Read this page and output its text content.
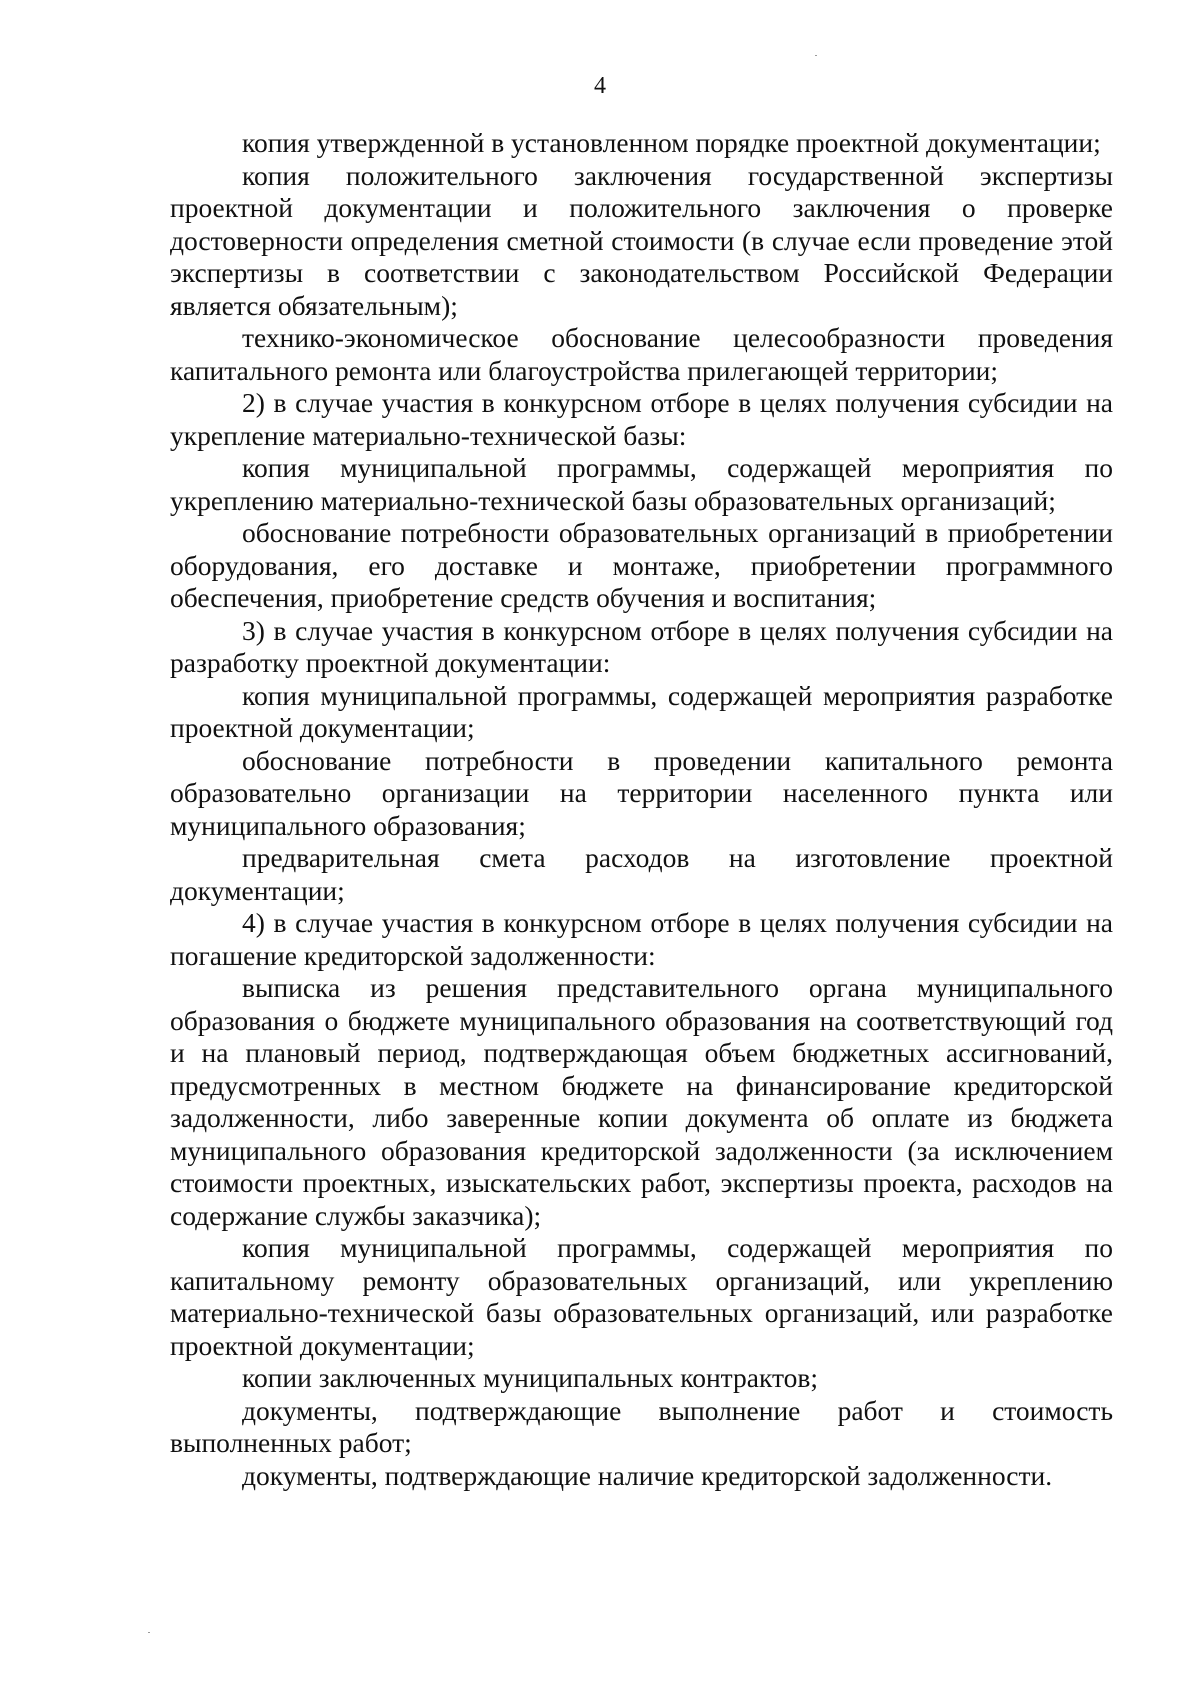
4

копия утвержденной в установленном порядке проектной документации;

копия положительного заключения государственной экспертизы проектной документации и положительного заключения о проверке достоверности определения сметной стоимости (в случае если проведение этой экспертизы в соответствии с законодательством Российской Федерации является обязательным);

технико-экономическое обоснование целесообразности проведения капитального ремонта или благоустройства прилегающей территории;

2) в случае участия в конкурсном отборе в целях получения субсидии на укрепление материально-технической базы:

копия муниципальной программы, содержащей мероприятия по укреплению материально-технической базы образовательных организаций;

обоснование потребности образовательных организаций в приобретении оборудования, его доставке и монтаже, приобретении программного обеспечения, приобретение средств обучения и воспитания;

3) в случае участия в конкурсном отборе в целях получения субсидии на разработку проектной документации:

копия муниципальной программы, содержащей мероприятия разработке проектной документации;

обоснование потребности в проведении капитального ремонта образовательно организации на территории населенного пункта или муниципального образования;

предварительная смета расходов на изготовление проектной документации;

4) в случае участия в конкурсном отборе в целях получения субсидии на погашение кредиторской задолженности:

выписка из решения представительного органа муниципального образования о бюджете муниципального образования на соответствующий год и на плановый период, подтверждающая объем бюджетных ассигнований, предусмотренных в местном бюджете на финансирование кредиторской задолженности, либо заверенные копии документа об оплате из бюджета муниципального образования кредиторской задолженности (за исключением стоимости проектных, изыскательских работ, экспертизы проекта, расходов на содержание службы заказчика);

копия муниципальной программы, содержащей мероприятия по капитальному ремонту образовательных организаций, или укреплению материально-технической базы образовательных организаций, или разработке проектной документации;

копии заключенных муниципальных контрактов;

документы, подтверждающие выполнение работ и стоимость выполненных работ;

документы, подтверждающие наличие кредиторской задолженности.
